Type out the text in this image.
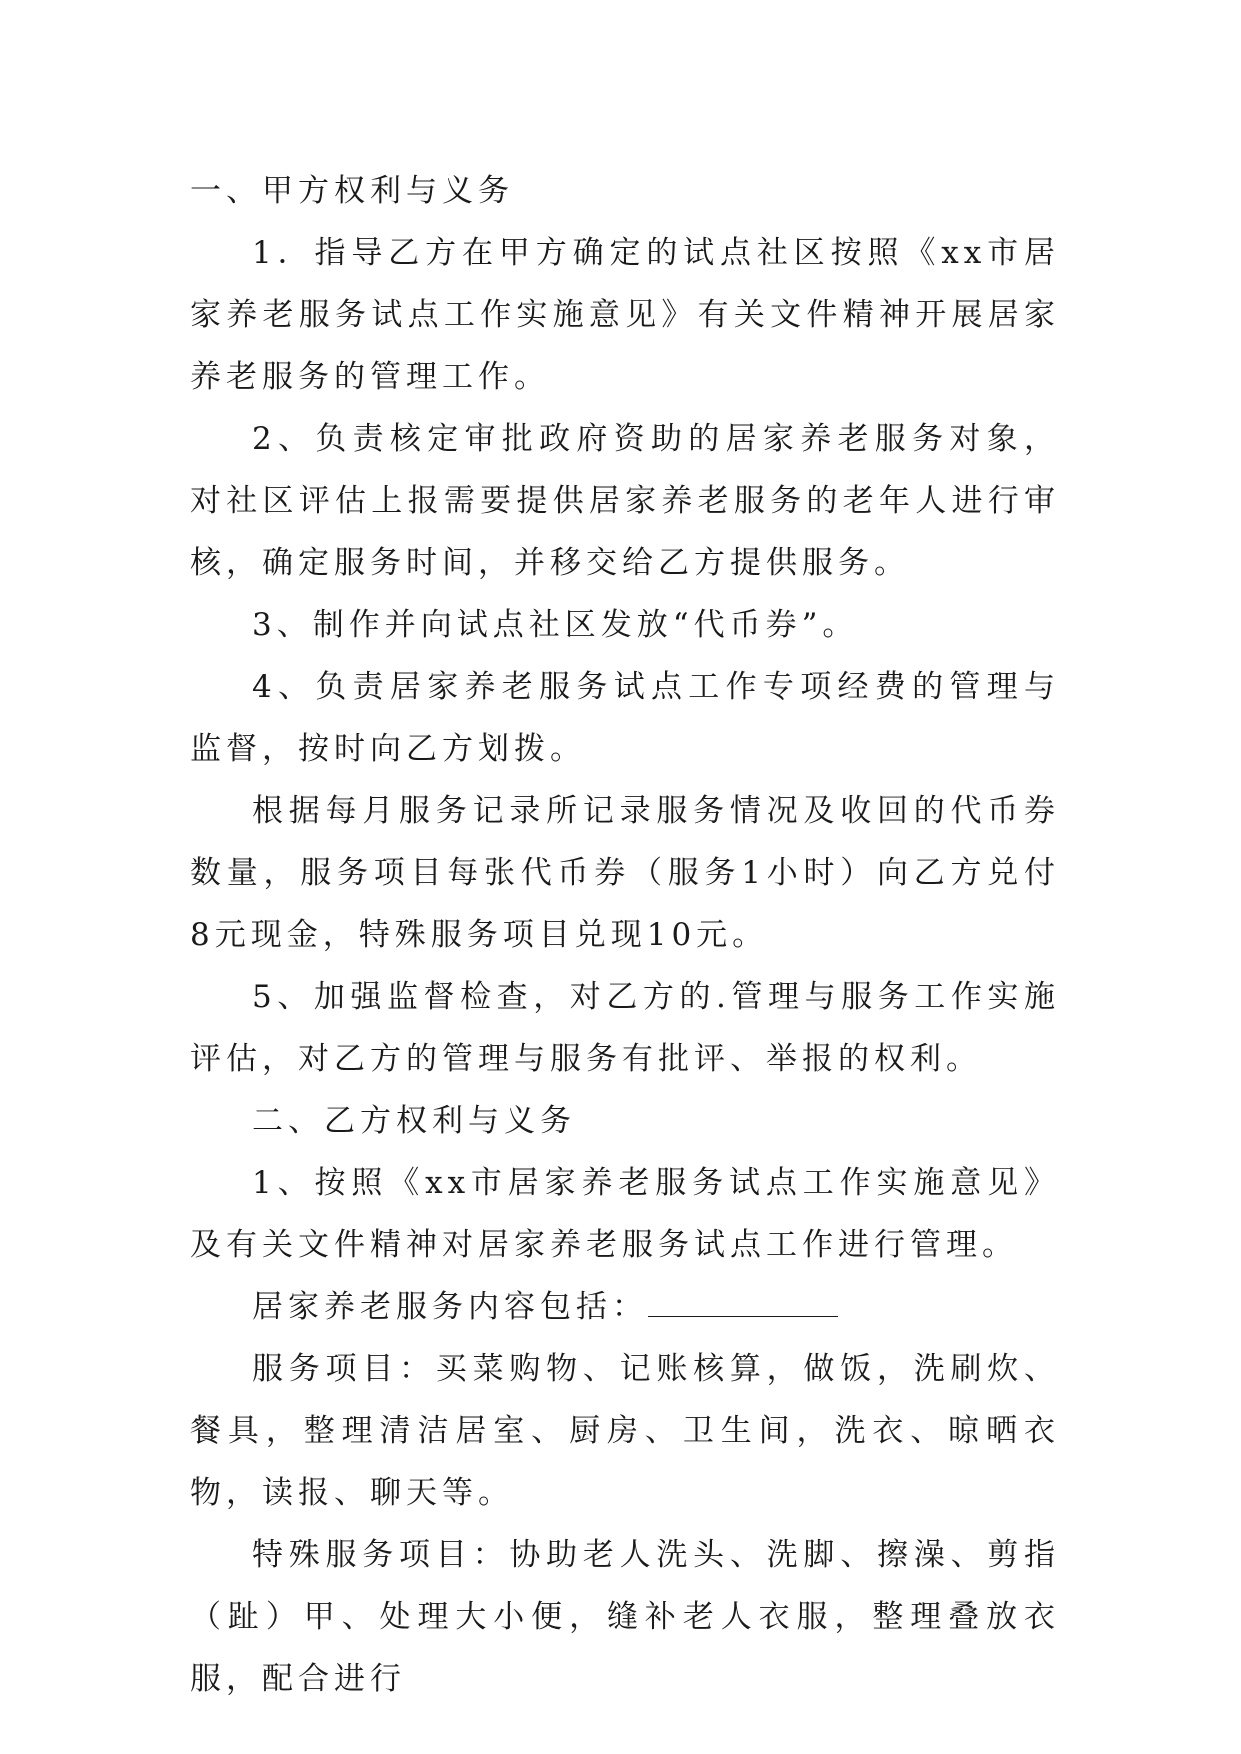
一、甲方权利与义务

1．指导乙方在甲方确定的试点社区按照《xx市居家养老服务试点工作实施意见》有关文件精神开展居家养老服务的管理工作。

2、负责核定审批政府资助的居家养老服务对象，对社区评估上报需要提供居家养老服务的老年人进行审核，确定服务时间，并移交给乙方提供服务。

3、制作并向试点社区发放“代币券”。

4、负责居家养老服务试点工作专项经费的管理与监督，按时向乙方划拨。

根据每月服务记录所记录服务情况及收回的代币券数量，服务项目每张代币券（服务1小时）向乙方兑付8元现金，特殊服务项目兑现10元。

5、加强监督检查，对乙方的.管理与服务工作实施评估，对乙方的管理与服务有批评、举报的权利。

二、乙方权利与义务

1、按照《xx市居家养老服务试点工作实施意见》及有关文件精神对居家养老服务试点工作进行管理。

居家养老服务内容包括：

服务项目：买菜购物、记账核算，做饭，洗刷炊、餐具，整理清洁居室、厨房、卫生间，洗衣、晾晒衣物，读报、聊天等。

特殊服务项目：协助老人洗头、洗脚、擦澡、剪指（趾）甲、处理大小便，缝补老人衣服，整理叠放衣服，配合进行
